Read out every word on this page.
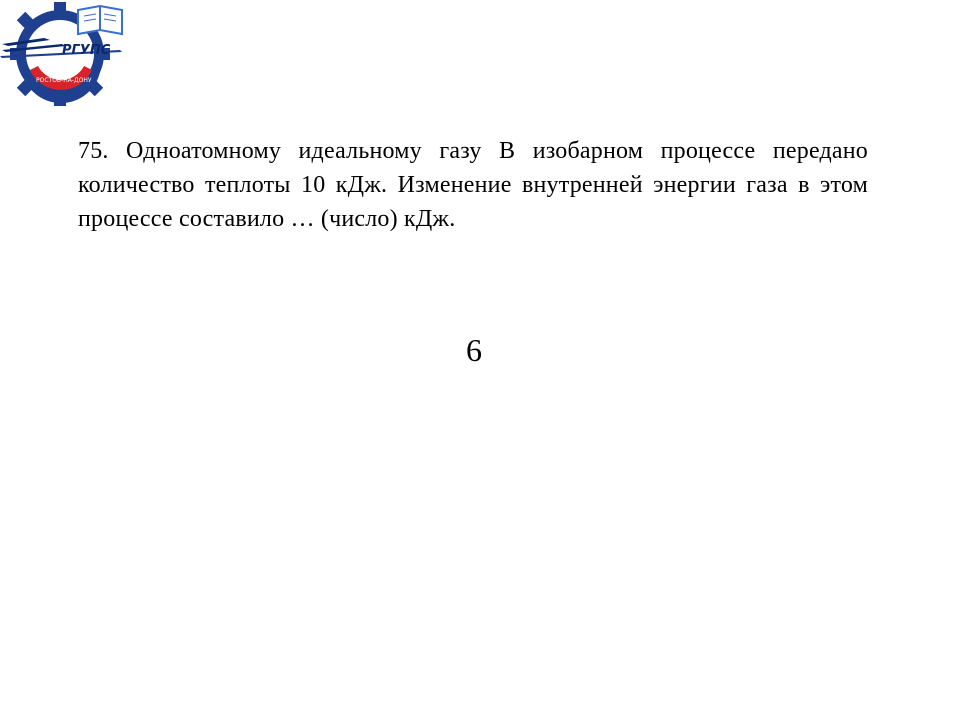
U
РГУПС
РОСТОВ-НА-ДОНУ
75. Одноатомному идеальному газу В изобарном процессе передано количество теплоты 10 кДж. Изменение внутренней энергии газа в этом процессе составило … (число) кДж.
6
